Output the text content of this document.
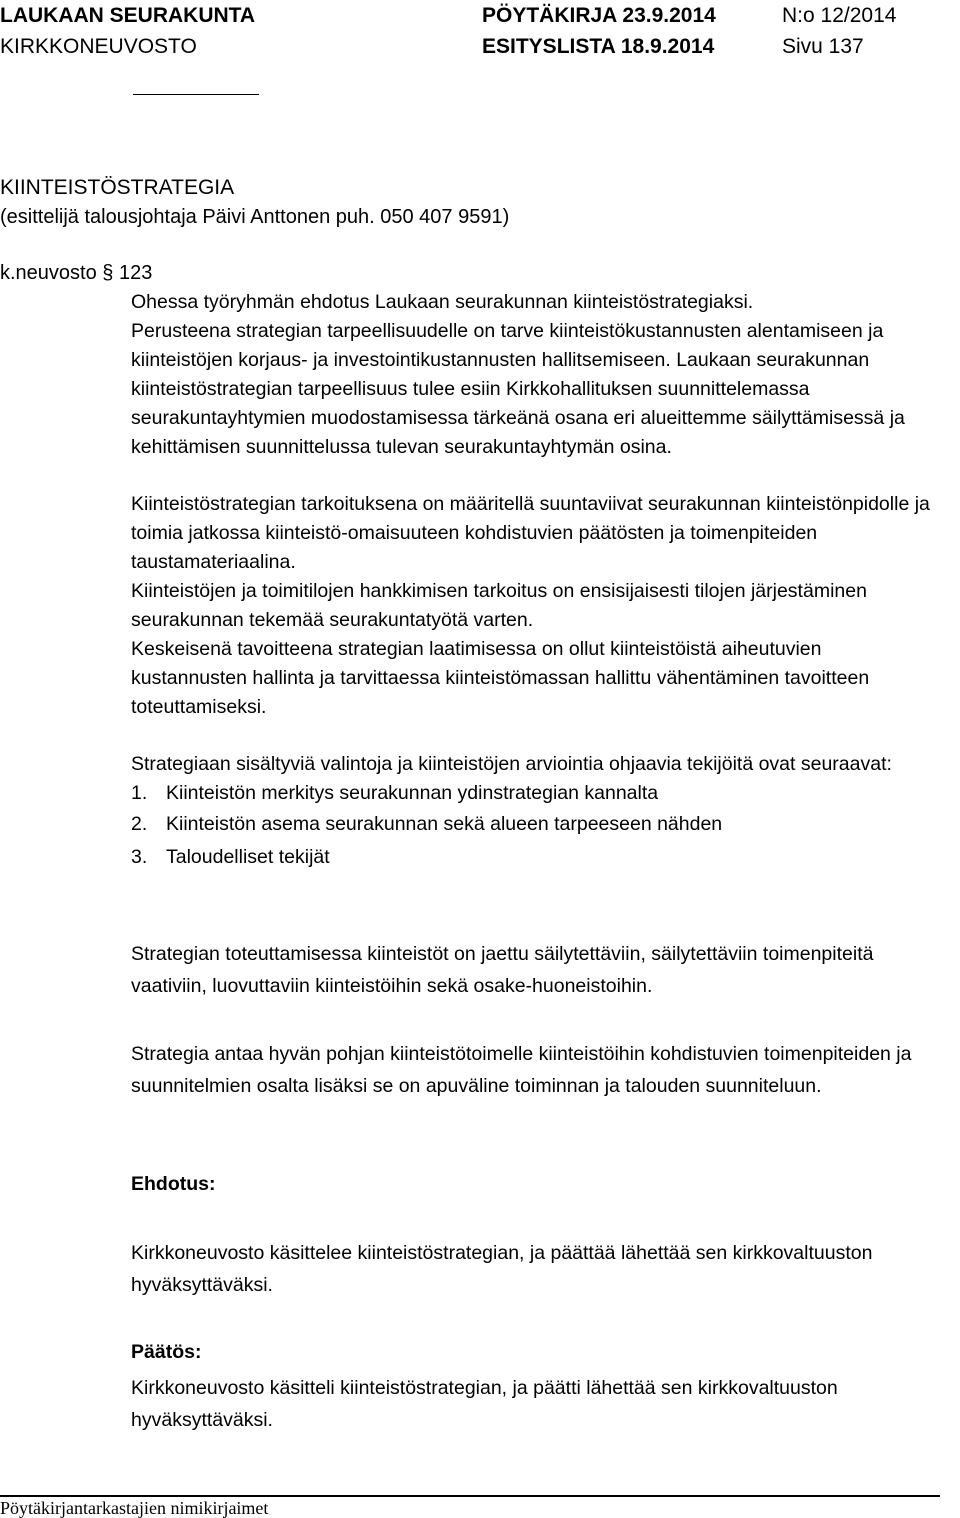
LAUKAAN SEURAKUNTA	PÖYTÄKIRJA 23.9.2014	N:o 12/2014
KIRKKONEUVOSTO	ESITYSLISTA 18.9.2014	Sivu 137
KIINTEISTÖSTRATEGIA
(esittelijä talousjohtaja Päivi Anttonen puh. 050 407 9591)
k.neuvosto § 123

Ohessa työryhmän ehdotus Laukaan seurakunnan kiinteistöstrategiaksi.

Perusteena strategian tarpeellisuudelle on tarve kiinteistökustannusten alentamiseen ja kiinteistöjen korjaus- ja investointikustannusten hallitsemiseen. Laukaan seurakunnan kiinteistöstrategian tarpeellisuus tulee esiin Kirkkohallituksen suunnittelemassa seurakuntayhtymien muodostamisessa tärkeänä osana eri alueittemme säilyttämisessä ja kehittämisen suunnittelussa tulevan seurakuntayhtymän osina.

Kiinteistöstrategian tarkoituksena on määritellä suuntaviivat seurakunnan kiinteistönpidolle ja toimia jatkossa kiinteistö-omaisuuteen kohdistuvien päätösten ja toimenpiteiden taustamateriaalina.

Kiinteistöjen ja toimitilojen hankkimisen tarkoitus on ensisijaisesti tilojen järjestäminen seurakunnan tekemää seurakuntatyötä varten.

Keskeisenä tavoitteena strategian laatimisessa on ollut kiinteistöistä aiheutuvien kustannusten hallinta ja tarvittaessa kiinteistömassan hallittu vähentäminen tavoitteen toteuttamiseksi.

Strategiaan sisältyviä valintoja ja kiinteistöjen arviointia ohjaavia tekijöitä ovat seuraavat:

1. Kiinteistön merkitys seurakunnan ydinstrategian kannalta
2. Kiinteistön asema seurakunnan sekä alueen tarpeeseen nähden
3. Taloudelliset tekijät

Strategian toteuttamisessa kiinteistöt on jaettu säilytettäviin, säilytettäviin toimenpiteitä vaativiin, luovuttaviin kiinteistöihin sekä osake-huoneistoihin.

Strategia antaa hyvän pohjan kiinteistötoimelle kiinteistöihin kohdistuvien toimenpiteiden ja suunnitelmien osalta lisäksi se on apuväline toiminnan ja talouden suunniteluun.

Ehdotus:
Kirkkoneuvosto käsittelee kiinteistöstrategian, ja päättää lähettää sen kirkkovaltuuston hyväksyttäväksi.
Päätös:
Kirkkoneuvosto käsitteli kiinteistöstrategian, ja päätti lähettää sen kirkkovaltuuston hyväksyttäväksi.
Pöytäkirjantarkastajien nimikirjaimet
